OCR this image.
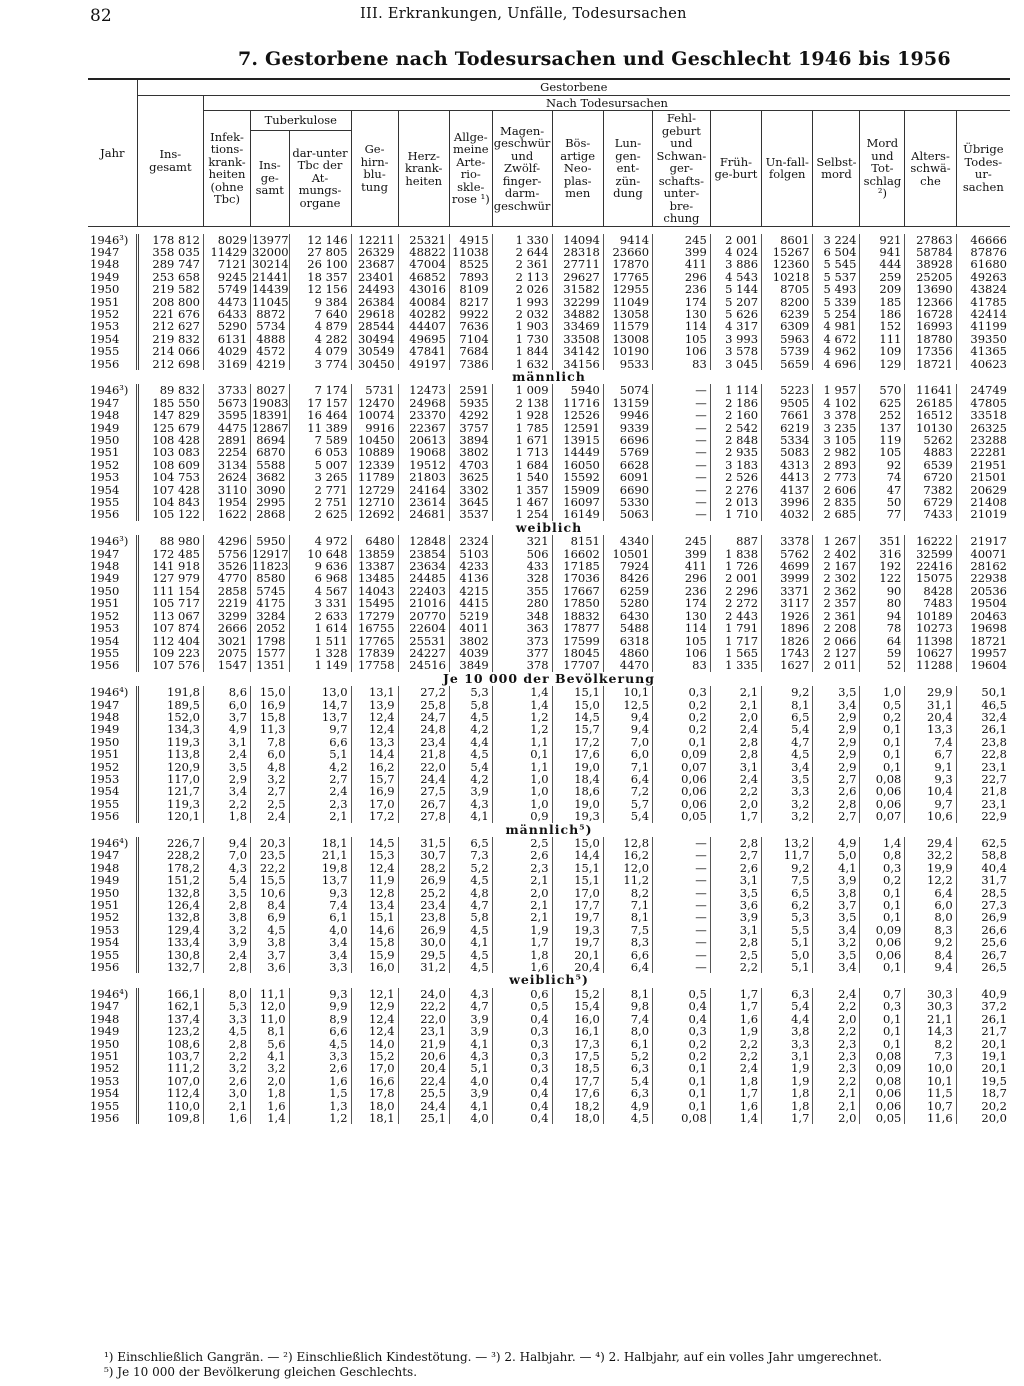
82	III. Erkrankungen, Unfälle, Todesursachen
7. Gestorbene nach Todesursachen und Geschlecht 1946 bis 1956
Jahr	Gestorbene																
	Ins-gesamt	Nach Todesursachen															
		Infek-tions-krank-heiten (ohne Tbc)	Tuberkulose		Ge-hirn-blu-tung	Herz-krank-heiten	Allge-meine Arte-rio-skle-rose ¹)	Magen-geschwür und Zwölf-finger-darm-geschwür	Bös-artige Neo-plas-men	Lun-gen-ent-zün-dung	Fehl-geburt und Schwan-ger-schafts-unter-bre-chung	Früh-ge-burt	Un-fall-folgen	Selbst-mord	Mord und Tot-schlag ²)	Alters-schwä-che	Übrige Todes-ur-sachen
			Ins-ge-samt	dar-unter Tbc der At-mungs-organe													

1946³)	178 812	8029	13977	12 146	12211	25321	4915	1 330	14094	9414	245	2 001	8601	3 224	921	27863	46666
1947	358 035	11429	32000	27 805	26329	48822	11038	2 644	28318	23660	399	4 024	15267	6 504	941	58784	87876
1948	289 747	7121	30214	26 100	23687	47004	8525	2 361	27711	17870	411	3 886	12360	5 545	444	38928	61680
1949	253 658	9245	21441	18 357	23401	46852	7893	2 113	29627	17765	296	4 543	10218	5 537	259	25205	49263
1950	219 582	5749	14439	12 156	24493	43016	8109	2 026	31582	12955	236	5 144	8705	5 493	209	13690	43824
1951	208 800	4473	11045	9 384	26384	40084	8217	1 993	32299	11049	174	5 207	8200	5 339	185	12366	41785
1952	221 676	6433	8872	7 640	29618	40282	9922	2 032	34882	13058	130	5 626	6239	5 254	186	16728	42414
1953	212 627	5290	5734	4 879	28544	44407	7636	1 903	33469	11579	114	4 317	6309	4 981	152	16993	41199
1954	219 832	6131	4888	4 282	30494	49695	7104	1 730	33508	13008	105	3 993	5963	4 672	111	18780	39350
1955	214 066	4029	4572	4 079	30549	47841	7684	1 844	34142	10190	106	3 578	5739	4 962	109	17356	41365
1956	212 698	3169	4219	3 774	30450	49197	7386	1 632	34156	9533	83	3 045	5659	4 696	129	18721	40623
männlich																	
1946³)	89 832	3733	8027	7 174	5731	12473	2591	1 009	5940	5074	—	1 114	5223	1 957	570	11641	24749
1947	185 550	5673	19083	17 157	12470	24968	5935	2 138	11716	13159	—	2 186	9505	4 102	625	26185	47805
1948	147 829	3595	18391	16 464	10074	23370	4292	1 928	12526	9946	—	2 160	7661	3 378	252	16512	33518
1949	125 679	4475	12867	11 389	9916	22367	3757	1 785	12591	9339	—	2 542	6219	3 235	137	10130	26325
1950	108 428	2891	8694	7 589	10450	20613	3894	1 671	13915	6696	—	2 848	5334	3 105	119	5262	23288
1951	103 083	2254	6870	6 053	10889	19068	3802	1 713	14449	5769	—	2 935	5083	2 982	105	4883	22281
1952	108 609	3134	5588	5 007	12339	19512	4703	1 684	16050	6628	—	3 183	4313	2 893	92	6539	21951
1953	104 753	2624	3682	3 265	11789	21803	3625	1 540	15592	6091	—	2 526	4413	2 773	74	6720	21501
1954	107 428	3110	3090	2 771	12729	24164	3302	1 357	15909	6690	—	2 276	4137	2 606	47	7382	20629
1955	104 843	1954	2995	2 751	12710	23614	3645	1 467	16097	5330	—	2 013	3996	2 835	50	6729	21408
1956	105 122	1622	2868	2 625	12692	24681	3537	1 254	16149	5063	—	1 710	4032	2 685	77	7433	21019
weiblich																	
1946³)	88 980	4296	5950	4 972	6480	12848	2324	321	8151	4340	245	887	3378	1 267	351	16222	21917
1947	172 485	5756	12917	10 648	13859	23854	5103	506	16602	10501	399	1 838	5762	2 402	316	32599	40071
1948	141 918	3526	11823	9 636	13387	23634	4233	433	17185	7924	411	1 726	4699	2 167	192	22416	28162
1949	127 979	4770	8580	6 968	13485	24485	4136	328	17036	8426	296	2 001	3999	2 302	122	15075	22938
1950	111 154	2858	5745	4 567	14043	22403	4215	355	17667	6259	236	2 296	3371	2 362	90	8428	20536
1951	105 717	2219	4175	3 331	15495	21016	4415	280	17850	5280	174	2 272	3117	2 357	80	7483	19504
1952	113 067	3299	3284	2 633	17279	20770	5219	348	18832	6430	130	2 443	1926	2 361	94	10189	20463
1953	107 874	2666	2052	1 614	16755	22604	4011	363	17877	5488	114	1 791	1896	2 208	78	10273	19698
1954	112 404	3021	1798	1 511	17765	25531	3802	373	17599	6318	105	1 717	1826	2 066	64	11398	18721
1955	109 223	2075	1577	1 328	17839	24227	4039	377	18045	4860	106	1 565	1743	2 127	59	10627	19957
1956	107 576	1547	1351	1 149	17758	24516	3849	378	17707	4470	83	1 335	1627	2 011	52	11288	19604
Je 10 000 der Bevölkerung																	
1946⁴)	191,8	8,6	15,0	13,0	13,1	27,2	5,3	1,4	15,1	10,1	0,3	2,1	9,2	3,5	1,0	29,9	50,1
1947	189,5	6,0	16,9	14,7	13,9	25,8	5,8	1,4	15,0	12,5	0,2	2,1	8,1	3,4	0,5	31,1	46,5
1948	152,0	3,7	15,8	13,7	12,4	24,7	4,5	1,2	14,5	9,4	0,2	2,0	6,5	2,9	0,2	20,4	32,4
1949	134,3	4,9	11,3	9,7	12,4	24,8	4,2	1,2	15,7	9,4	0,2	2,4	5,4	2,9	0,1	13,3	26,1
1950	119,3	3,1	7,8	6,6	13,3	23,4	4,4	1,1	17,2	7,0	0,1	2,8	4,7	2,9	0,1	7,4	23,8
1951	113,8	2,4	6,0	5,1	14,4	21,8	4,5	0,1	17,6	6,0	0,09	2,8	4,5	2,9	0,1	6,7	22,8
1952	120,9	3,5	4,8	4,2	16,2	22,0	5,4	1,1	19,0	7,1	0,07	3,1	3,4	2,9	0,1	9,1	23,1
1953	117,0	2,9	3,2	2,7	15,7	24,4	4,2	1,0	18,4	6,4	0,06	2,4	3,5	2,7	0,08	9,3	22,7
1954	121,7	3,4	2,7	2,4	16,9	27,5	3,9	1,0	18,6	7,2	0,06	2,2	3,3	2,6	0,06	10,4	21,8
1955	119,3	2,2	2,5	2,3	17,0	26,7	4,3	1,0	19,0	5,7	0,06	2,0	3,2	2,8	0,06	9,7	23,1
1956	120,1	1,8	2,4	2,1	17,2	27,8	4,1	0,9	19,3	5,4	0,05	1,7	3,2	2,7	0,07	10,6	22,9
männlich⁵)																	
1946⁴)	226,7	9,4	20,3	18,1	14,5	31,5	6,5	2,5	15,0	12,8	—	2,8	13,2	4,9	1,4	29,4	62,5
1947	228,2	7,0	23,5	21,1	15,3	30,7	7,3	2,6	14,4	16,2	—	2,7	11,7	5,0	0,8	32,2	58,8
1948	178,2	4,3	22,2	19,8	12,4	28,2	5,2	2,3	15,1	12,0	—	2,6	9,2	4,1	0,3	19,9	40,4
1949	151,2	5,4	15,5	13,7	11,9	26,9	4,5	2,1	15,1	11,2	—	3,1	7,5	3,9	0,2	12,2	31,7
1950	132,8	3,5	10,6	9,3	12,8	25,2	4,8	2,0	17,0	8,2	—	3,5	6,5	3,8	0,1	6,4	28,5
1951	126,4	2,8	8,4	7,4	13,4	23,4	4,7	2,1	17,7	7,1	—	3,6	6,2	3,7	0,1	6,0	27,3
1952	132,8	3,8	6,9	6,1	15,1	23,8	5,8	2,1	19,7	8,1	—	3,9	5,3	3,5	0,1	8,0	26,9
1953	129,4	3,2	4,5	4,0	14,6	26,9	4,5	1,9	19,3	7,5	—	3,1	5,5	3,4	0,09	8,3	26,6
1954	133,4	3,9	3,8	3,4	15,8	30,0	4,1	1,7	19,7	8,3	—	2,8	5,1	3,2	0,06	9,2	25,6
1955	130,8	2,4	3,7	3,4	15,9	29,5	4,5	1,8	20,1	6,6	—	2,5	5,0	3,5	0,06	8,4	26,7
1956	132,7	2,8	3,6	3,3	16,0	31,2	4,5	1,6	20,4	6,4	—	2,2	5,1	3,4	0,1	9,4	26,5
weiblich⁵)																	
1946⁴)	166,1	8,0	11,1	9,3	12,1	24,0	4,3	0,6	15,2	8,1	0,5	1,7	6,3	2,4	0,7	30,3	40,9
1947	162,1	5,3	12,0	9,9	12,9	22,2	4,7	0,5	15,4	9,8	0,4	1,7	5,4	2,2	0,3	30,3	37,2
1948	137,4	3,3	11,0	8,9	12,4	22,0	3,9	0,4	16,0	7,4	0,4	1,6	4,4	2,0	0,1	21,1	26,1
1949	123,2	4,5	8,1	6,6	12,4	23,1	3,9	0,3	16,1	8,0	0,3	1,9	3,8	2,2	0,1	14,3	21,7
1950	108,6	2,8	5,6	4,5	14,0	21,9	4,1	0,3	17,3	6,1	0,2	2,2	3,3	2,3	0,1	8,2	20,1
1951	103,7	2,2	4,1	3,3	15,2	20,6	4,3	0,3	17,5	5,2	0,2	2,2	3,1	2,3	0,08	7,3	19,1
1952	111,2	3,2	3,2	2,6	17,0	20,4	5,1	0,3	18,5	6,3	0,1	2,4	1,9	2,3	0,09	10,0	20,1
1953	107,0	2,6	2,0	1,6	16,6	22,4	4,0	0,4	17,7	5,4	0,1	1,8	1,9	2,2	0,08	10,1	19,5
1954	112,4	3,0	1,8	1,5	17,8	25,5	3,9	0,4	17,6	6,3	0,1	1,7	1,8	2,1	0,06	11,5	18,7
1955	110,0	2,1	1,6	1,3	18,0	24,4	4,1	0,4	18,2	4,9	0,1	1,6	1,8	2,1	0,06	10,7	20,2
1956	109,8	1,6	1,4	1,2	18,1	25,1	4,0	0,4	18,0	4,5	0,08	1,4	1,7	2,0	0,05	11,6	20,0
¹) Einschließlich Gangrän. — ²) Einschließlich Kindestötung. — ³) 2. Halbjahr. — ⁴) 2. Halbjahr, auf ein volles Jahr umgerechnet.
⁵) Je 10 000 der Bevölkerung gleichen Geschlechts.
